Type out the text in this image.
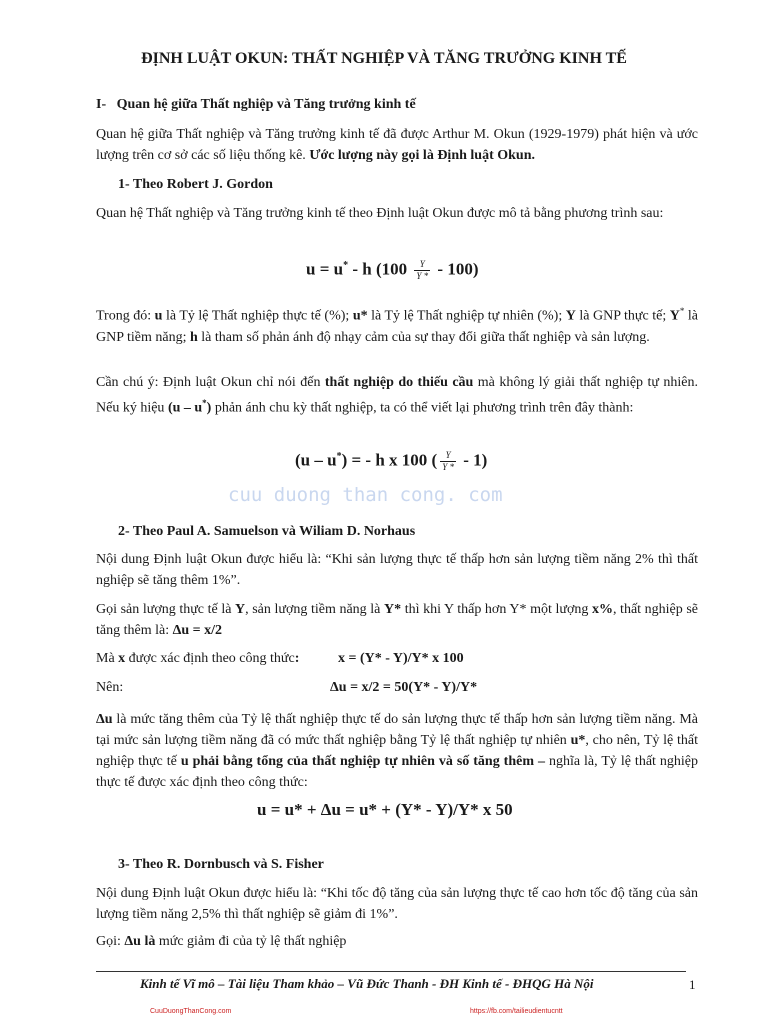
ĐỊNH LUẬT OKUN: THẤT NGHIỆP VÀ TĂNG TRƯỞNG KINH TẾ
I- Quan hệ giữa Thất nghiệp và Tăng trưởng kinh tế
Quan hệ giữa Thất nghiệp và Tăng trưởng kinh tế đã được Arthur M. Okun (1929-1979) phát hiện và ước lượng trên cơ sở các số liệu thống kê. Ước lượng này gọi là Định luật Okun.
1- Theo Robert J. Gordon
Quan hệ Thất nghiệp và Tăng trưởng kinh tế theo Định luật Okun được mô tả bằng phương trình sau:
u = u* - h $(100 \frac{Y}{Y *} - 100)$
Trong đó: u là Tỷ lệ Thất nghiệp thực tế (%); u* là Tỷ lệ Thất nghiệp tự nhiên (%); Y là GNP thực tế; Y* là GNP tiềm năng; h là tham số phản ánh độ nhạy cảm của sự thay đổi giữa thất nghiệp và sản lượng.
Cần chú ý: Định luật Okun chỉ nói đến thất nghiệp do thiếu cầu mà không lý giải thất nghiệp tự nhiên. Nếu ký hiệu (u – u*) phản ánh chu kỳ thất nghiệp, ta có thể viết lại phương trình trên đây thành:
(u – u*) = - h x 100 ( $\frac{Y}{Y *} - 1$)
cuu duong than cong. com
2- Theo Paul A. Samuelson và Wiliam D. Norhaus
Nội dung Định luật Okun được hiểu là: “Khi sản lượng thực tế thấp hơn sản lượng tiềm năng 2% thì thất nghiệp sẽ tăng thêm 1%”.
Gọi sản lượng thực tế là Y, sản lượng tiềm năng là Y* thì khi Y thấp hơn Y* một lượng x%, thất nghiệp sẽ tăng thêm là: Δu = x/2
Mà x được xác định theo công thức:	x = (Y* - Y)/Y* x 100
Nên:	Δu = x/2 = 50(Y* - Y)/Y*
Δu là mức tăng thêm của Tỷ lệ thất nghiệp thực tế do sản lượng thực tế thấp hơn sản lượng tiềm năng. Mà tại mức sản lượng tiềm năng đã có mức thất nghiệp bằng Tỷ lệ thất nghiệp tự nhiên u*, cho nên, Tỷ lệ thất nghiệp thực tế u phải bằng tổng của thất nghiệp tự nhiên và số tăng thêm – nghĩa là, Tỷ lệ thất nghiệp thực tế được xác định theo công thức:
u = u* + Δu = u* + (Y* - Y)/Y* x 50
3- Theo R. Dornbusch và S. Fisher
Nội dung Định luật Okun được hiểu là: “Khi tốc độ tăng của sản lượng thực tế cao hơn tốc độ tăng của sản lượng tiềm năng 2,5% thì thất nghiệp sẽ giảm đi 1%”.
Gọi: Δu là mức giảm đi của tỷ lệ thất nghiệp
Kinh tế Vĩ mô – Tài liệu Tham khảo – Vũ Đức Thanh - ĐH Kinh tế - ĐHQG Hà Nội	1
CuuDuongThanCong.com	https://fb.com/tailieudientucntt
